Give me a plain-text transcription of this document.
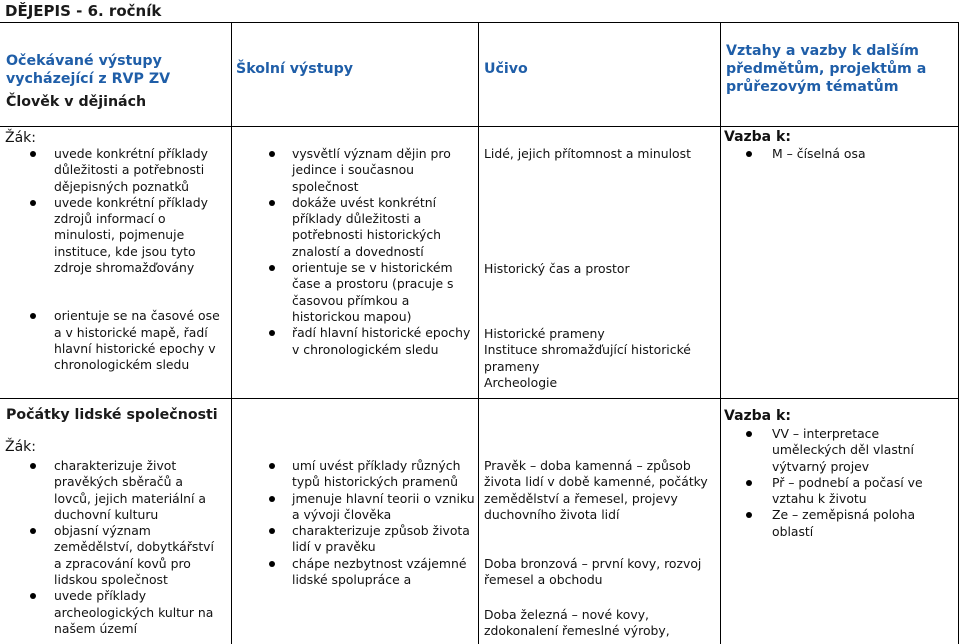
DĚJEPIS - 6. ročník
Očekávané výstupy vycházející z RVP ZV
Školní výstupy	Učivo
Vztahy a vazby k dalším předmětům, projektům a průřezovým tématům
Člověk v dějinách
Žák:
uvede konkrétní příklady důležitosti a potřebnosti dějepisných poznatků
uvede konkrétní příklady zdrojů informací o minulosti, pojmenuje instituce, kde jsou tyto zdroje shromažďovány
orientuje se na časové ose a v historické mapě, řadí hlavní historické epochy v chronologickém sledu
vysvětlí význam dějin pro jedince i současnou společnost
dokáže uvést konkrétní příklady důležitosti a potřebnosti historických znalostí a dovedností
orientuje se v historickém čase a prostoru (pracuje s časovou přímkou a historickou mapou)
řadí hlavní historické epochy v chronologickém sledu
Lidé, jejich přítomnost a minulost
Historický čas a prostor
Historické prameny
Instituce shromažďující historické prameny
Archeologie
Vazba k:
M – číselná osa
Počátky lidské společnosti
Žák:
charakterizuje život pravěkých sběračů a lovců, jejich materiální a duchovní kulturu
objasní význam zemědělství, dobytkářství a zpracování kovů pro lidskou společnost
uvede příklady archeologických kultur na našem území
umí uvést příklady různých typů historických pramenů
jmenuje hlavní teorii o vzniku a vývoji člověka
charakterizuje způsob života lidí v pravěku
chápe nezbytnost vzájemné lidské spolupráce a
Pravěk – doba kamenná – způsob života lidí v době kamenné, počátky zemědělství a řemesel, projevy duchovního života lidí
Doba bronzová – první kovy, rozvoj řemesel a obchodu
Doba železná – nové kovy, zdokonalení řemeslné výroby,
Vazba k:
VV – interpretace uměleckých děl vlastní výtvarný projev
Př – podnebí a počasí ve vztahu k životu
Ze – zeměpisná poloha oblastí
